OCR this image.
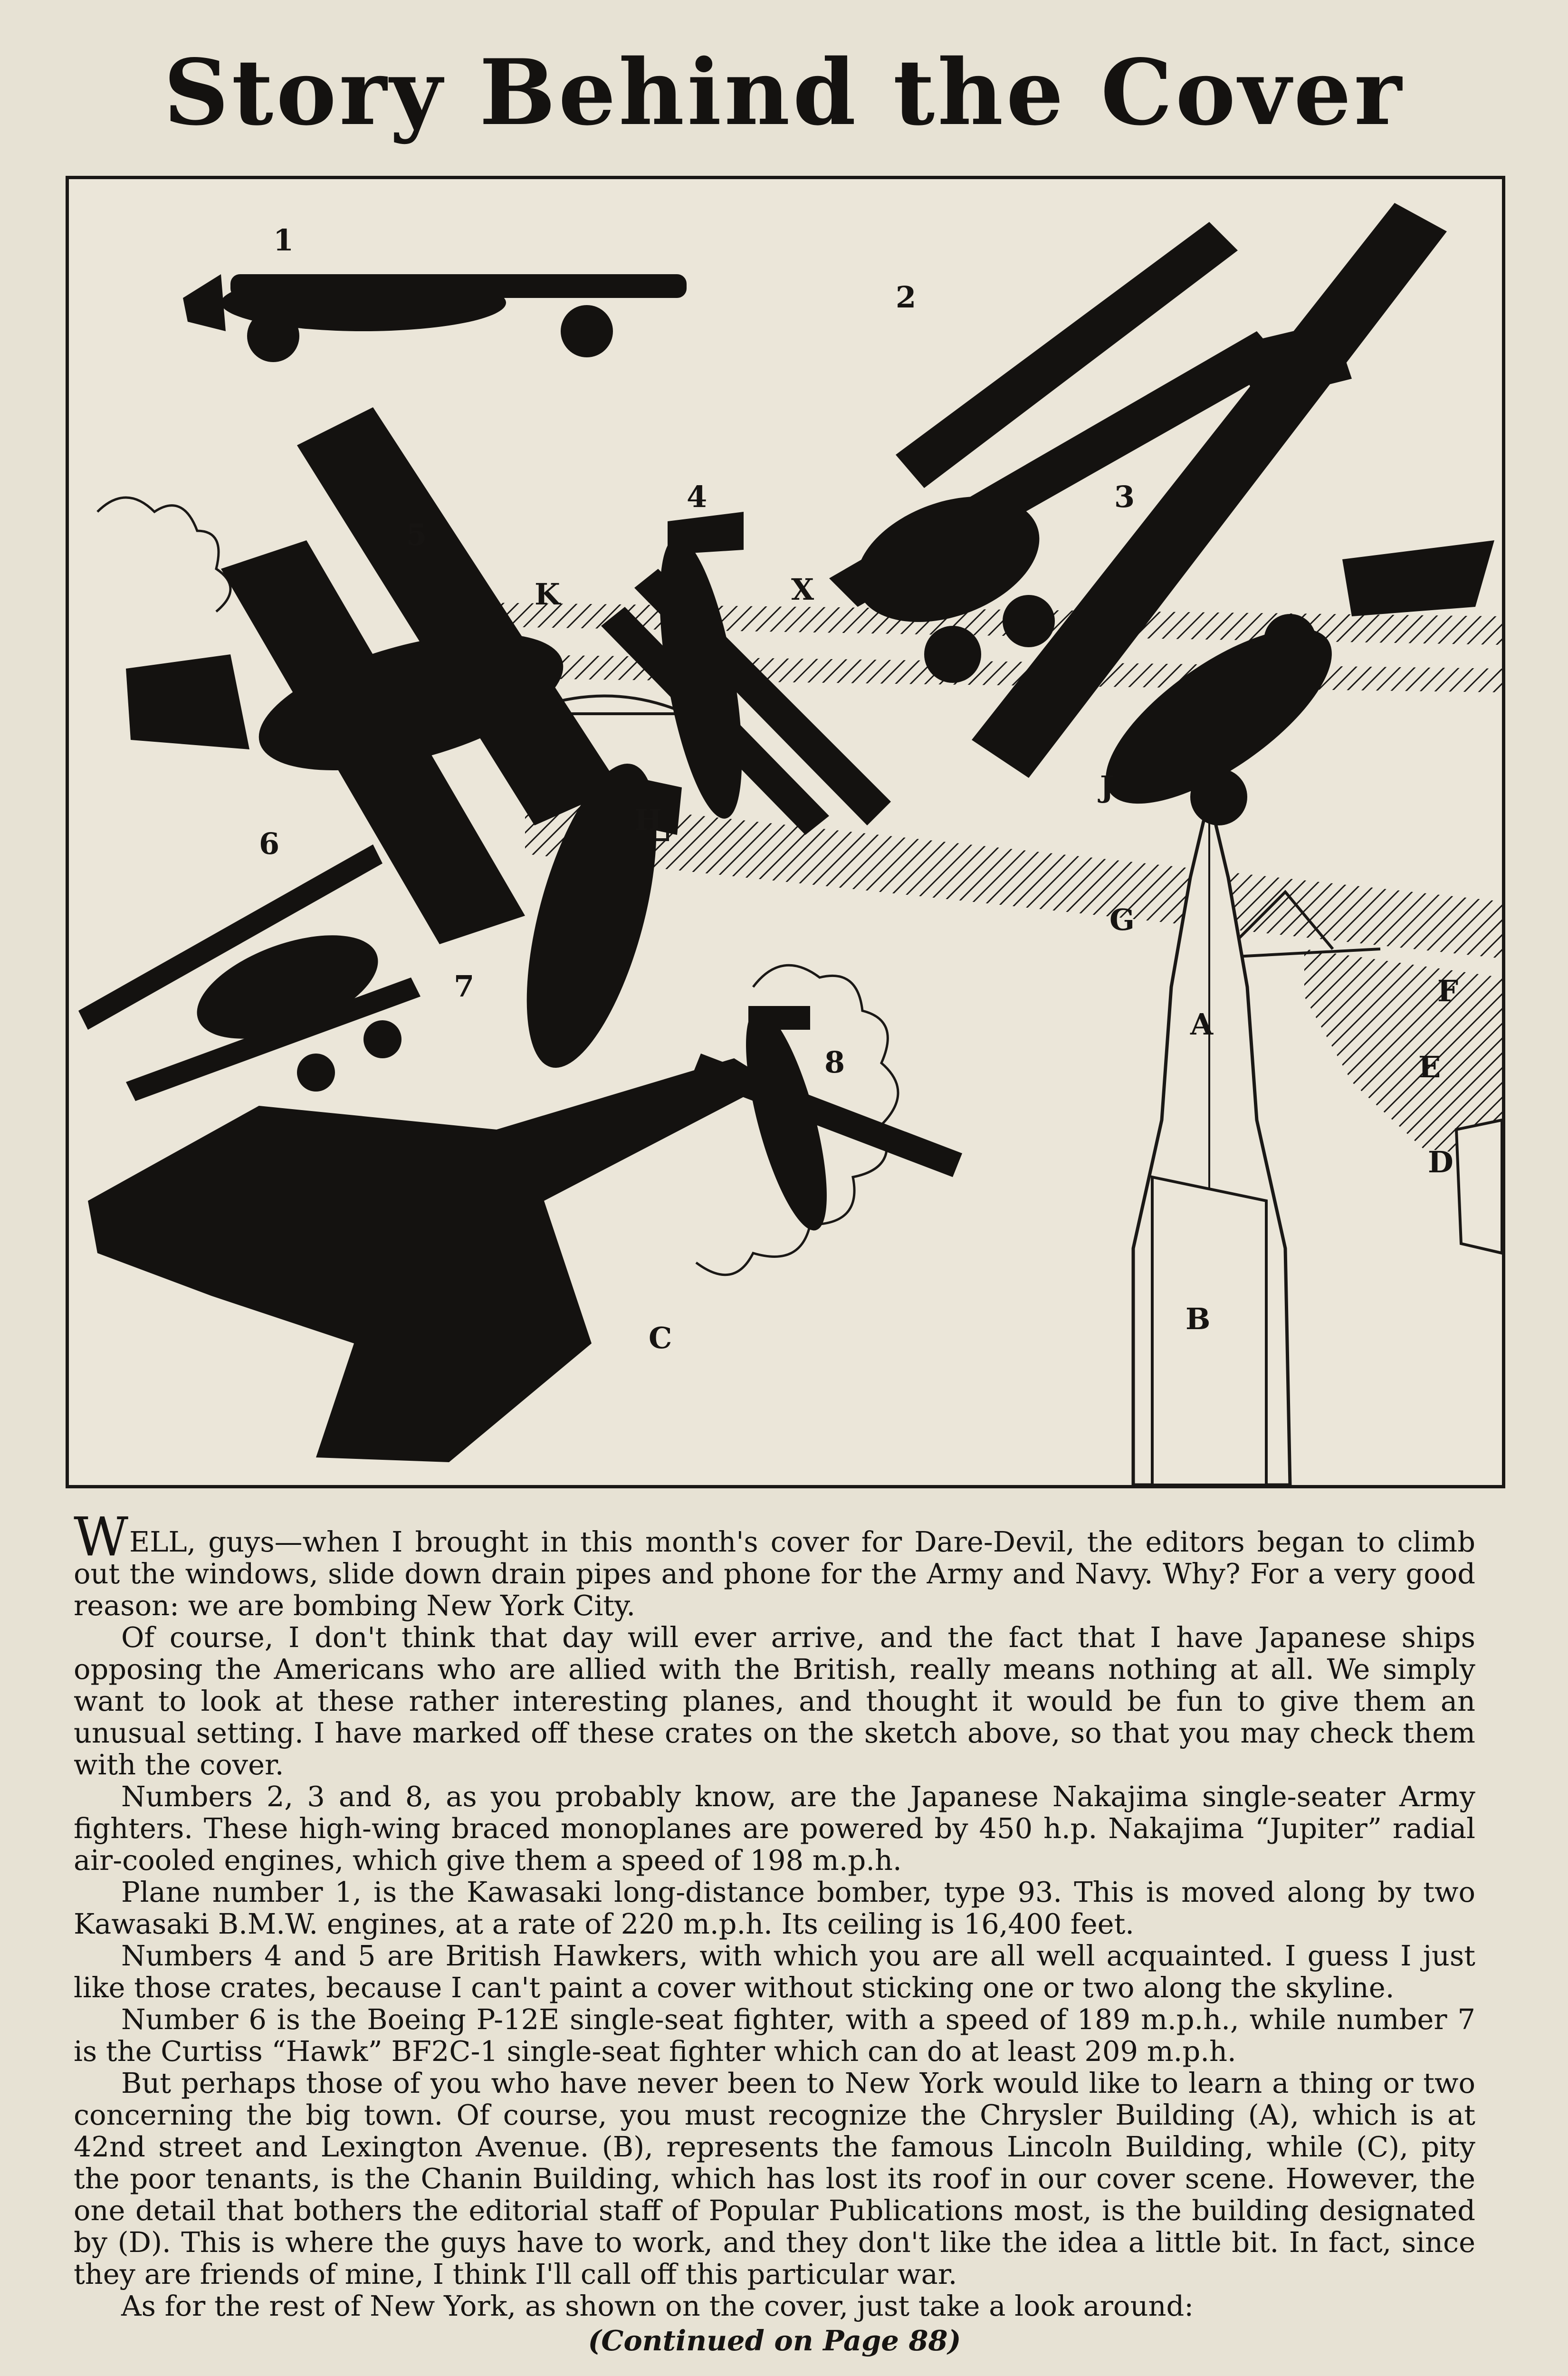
Story Behind the Cover
1
2
3
4
5
6
7
8
A
B
C
D
E
F
G
H
J
K	X

WELL, guys—when I brought in this month's cover for Dare-Devil, the editors began to climb out the windows, slide down drain pipes and phone for the Army and Navy. Why? For a very good reason: we are bombing New York City.

Of course, I don't think that day will ever arrive, and the fact that I have Japanese ships opposing the Americans who are allied with the British, really means nothing at all. We simply want to look at these rather interesting planes, and thought it would be fun to give them an unusual setting. I have marked off these crates on the sketch above, so that you may check them with the cover.

Numbers 2, 3 and 8, as you probably know, are the Japanese Nakajima single-seater Army fighters. These high-wing braced monoplanes are powered by 450 h.p. Nakajima “Jupiter” radial air-cooled engines, which give them a speed of 198 m.p.h.

Plane number 1, is the Kawasaki long-distance bomber, type 93. This is moved along by two Kawasaki B.M.W. engines, at a rate of 220 m.p.h. Its ceiling is 16,400 feet.

Numbers 4 and 5 are British Hawkers, with which you are all well acquainted. I guess I just like those crates, because I can't paint a cover without sticking one or two along the skyline.

Number 6 is the Boeing P-12E single-seat fighter, with a speed of 189 m.p.h., while number 7 is the Curtiss “Hawk” BF2C-1 single-seat fighter which can do at least 209 m.p.h.

But perhaps those of you who have never been to New York would like to learn a thing or two concerning the big town. Of course, you must recognize the Chrysler Building (A), which is at 42nd street and Lexington Avenue. (B), represents the famous Lincoln Building, while (C), pity the poor tenants, is the Chanin Building, which has lost its roof in our cover scene. However, the one detail that bothers the editorial staff of Popular Publications most, is the building designated by (D). This is where the guys have to work, and they don't like the idea a little bit. In fact, since they are friends of mine, I think I'll call off this particular war.

As for the rest of New York, as shown on the cover, just take a look around:

(Continued on Page 88)
